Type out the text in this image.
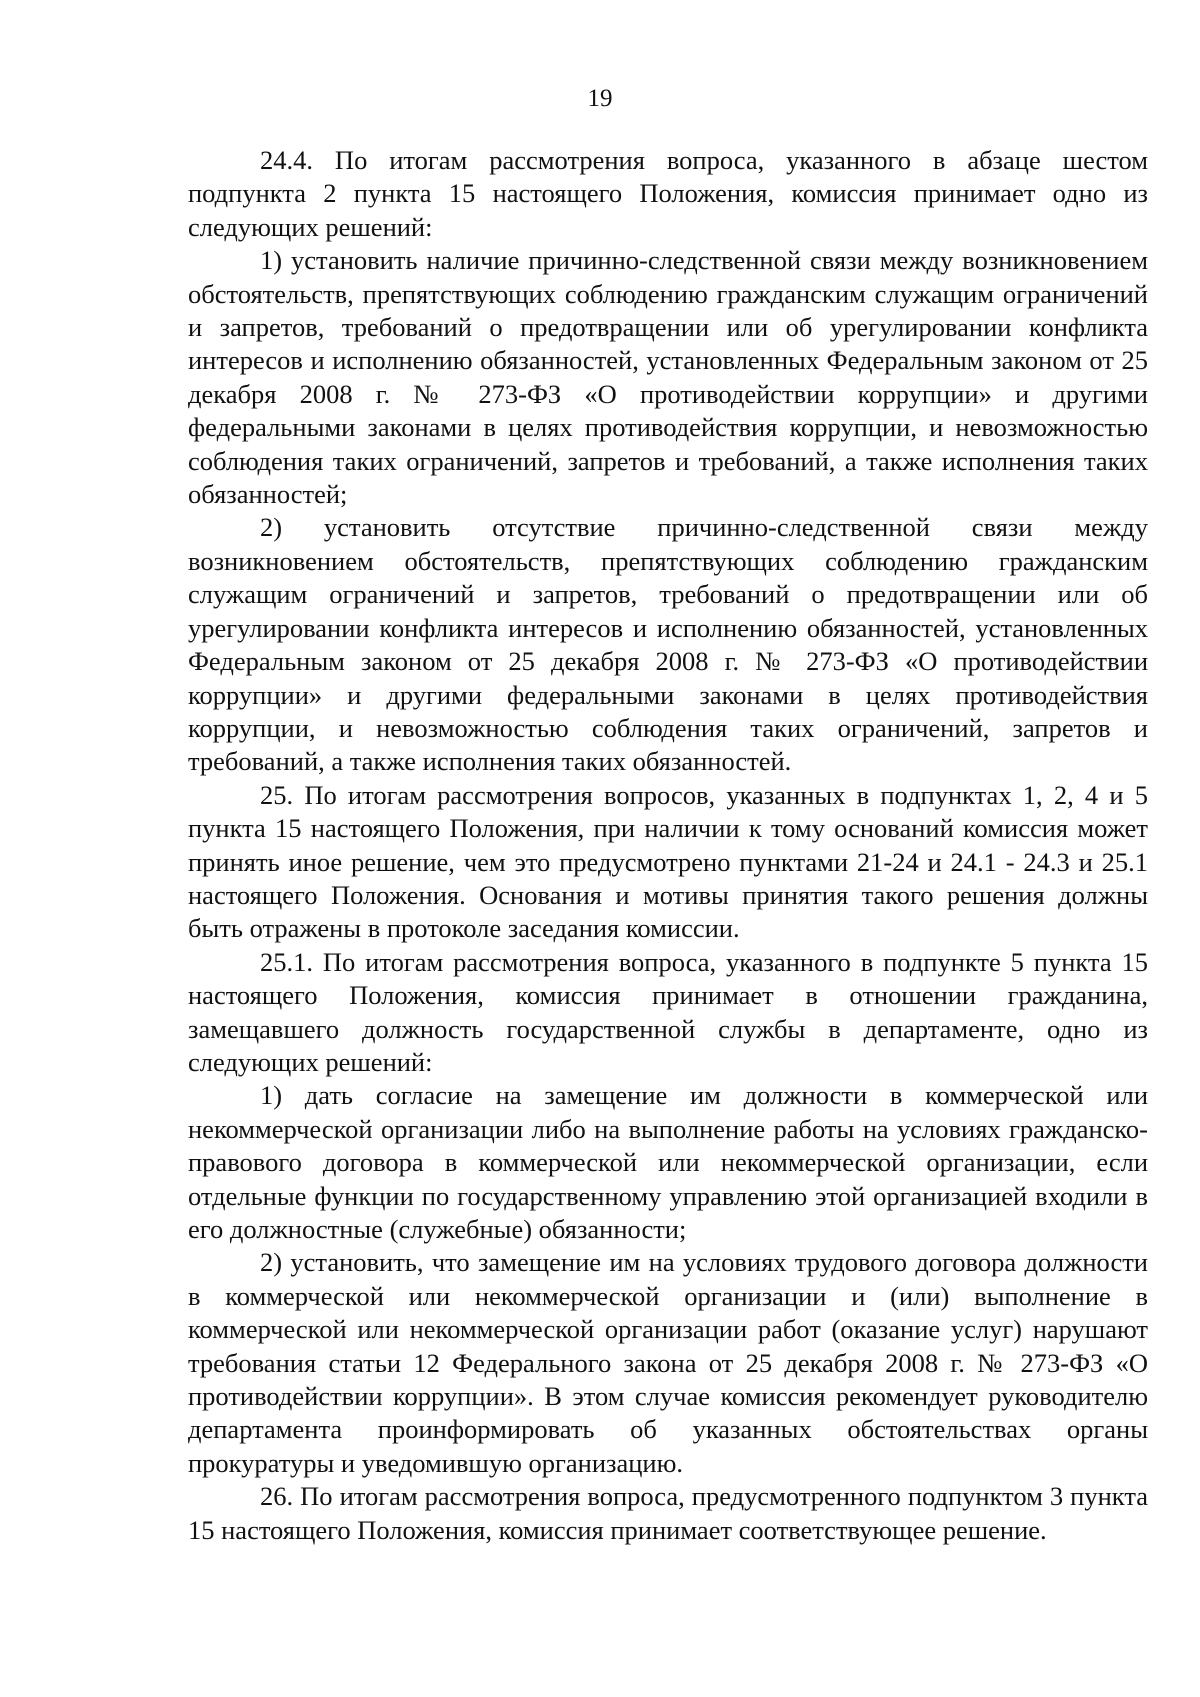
19

24.4. По итогам рассмотрения вопроса, указанного в абзаце шестом подпункта 2 пункта 15 настоящего Положения, комиссия принимает одно из следующих решений:

1) установить наличие причинно-следственной связи между возникновением обстоятельств, препятствующих соблюдению гражданским служащим ограничений и запретов, требований о предотвращении или об урегулировании конфликта интересов и исполнению обязанностей, установленных Федеральным законом от 25 декабря 2008 г. № 273-ФЗ «О противодействии коррупции» и другими федеральными законами в целях противодействия коррупции, и невозможностью соблюдения таких ограничений, запретов и требований, а также исполнения таких обязанностей;

2) установить отсутствие причинно-следственной связи между возникновением обстоятельств, препятствующих соблюдению гражданским служащим ограничений и запретов, требований о предотвращении или об урегулировании конфликта интересов и исполнению обязанностей, установленных Федеральным законом от 25 декабря 2008 г. № 273-ФЗ «О противодействии коррупции» и другими федеральными законами в целях противодействия коррупции, и невозможностью соблюдения таких ограничений, запретов и требований, а также исполнения таких обязанностей.

25. По итогам рассмотрения вопросов, указанных в подпунктах 1, 2, 4 и 5 пункта 15 настоящего Положения, при наличии к тому оснований комиссия может принять иное решение, чем это предусмотрено пунктами 21-24 и 24.1 - 24.3 и 25.1 настоящего Положения. Основания и мотивы принятия такого решения должны быть отражены в протоколе заседания комиссии.

25.1. По итогам рассмотрения вопроса, указанного в подпункте 5 пункта 15 настоящего Положения, комиссия принимает в отношении гражданина, замещавшего должность государственной службы в департаменте, одно из следующих решений:

1) дать согласие на замещение им должности в коммерческой или некоммерческой организации либо на выполнение работы на условиях гражданско-правового договора в коммерческой или некоммерческой организации, если отдельные функции по государственному управлению этой организацией входили в его должностные (служебные) обязанности;

2) установить, что замещение им на условиях трудового договора должности в коммерческой или некоммерческой организации и (или) выполнение в коммерческой или некоммерческой организации работ (оказание услуг) нарушают требования статьи 12 Федерального закона от 25 декабря 2008 г. № 273-ФЗ «О противодействии коррупции». В этом случае комиссия рекомендует руководителю департамента проинформировать об указанных обстоятельствах органы прокуратуры и уведомившую организацию.

26. По итогам рассмотрения вопроса, предусмотренного подпунктом 3 пункта 15 настоящего Положения, комиссия принимает соответствующее решение.
